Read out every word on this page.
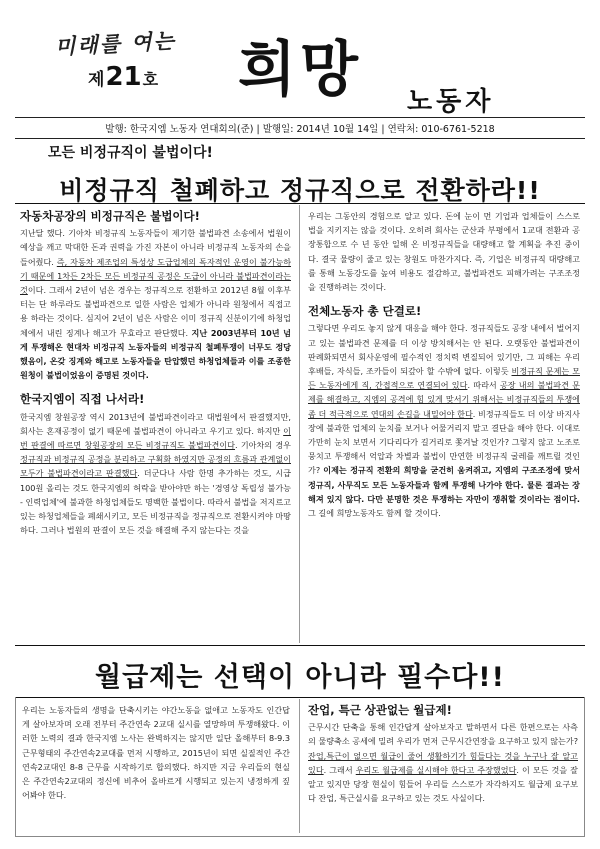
미래를 여는
제 21 호 희망 노동자
발행: 한국지엠 노동자 연대회의(준) | 발행일: 2014년 10월 14일 | 연락처: 010-6761-5218
모든 비정규직이 불법이다!
비정규직 철폐하고 정규직으로 전환하라!!
자동차공장의 비정규직은 불법이다!

지난달 했다. 기아차 비정규직 노동자들이 제기한 불법파견 소송에서 법원이 예상을 깨고 막대한 돈과 권력을 가진 자본이 아니라 비정규직 노동자의 손을 들어줬다. 즉, 자동차 제조업의 특성상 도급업체의 독자적인 운영이 불가능하기 때문에 1차든 2차든 모든 비정규직 공정은 도급이 아니라 불법파견이라는 것이다. 그래서 2년이 넘은 경우는 정규직으로 전환하고 2012년 8월 이후부터는 단 하루라도 불법파견으로 일한 사람은 업체가 아니라 원청에서 직접고용 하라는 것이다. 심지어 2년이 넘은 사람은 이미 정규직 신분이기에 하청업체에서 내린 징계나 해고가 무효라고 판단했다. 지난 2003년부터 10년 넘게 투쟁해온 현대차 비정규직 노동자들의 비정규직 철폐투쟁이 너무도 정당했음이, 온갖 징계와 해고로 노동자들을 탄압했던 하청업체들과 이를 조종한 원청이 불법이었음이 증명된 것이다.

한국지엠이 직접 나서라!

한국지엠 창원공장 역시 2013년에 불법파견이라고 대법원에서 판결했지만, 회사는 혼재공정이 없기 때문에 불법파견이 아니라고 우기고 있다. 하지만 이번 판결에 따르면 창원공장의 모든 비정규직도 불법파견이다. 기아차의 경우 정규직과 비정규직 공정을 분리하고 구획화 하였지만 공정의 흐름과 관계없이 모두가 불법파견이라고 판결했다. 더군다나 사람 한명 추가하는 것도, 시급 100원 올리는 것도 한국지엠의 허락을 받아야만 하는 '경영상 독립성 불가능 - 인력업체'에 불과한 하청업체들도 명백한 불법이다. 따라서 불법을 저지르고 있는 하청업체들을 폐쇄시키고, 모든 비정규직을 정규직으로 전환시켜야 마땅하다. 그러나 법원의 판결이 모든 것을 해결해 주지 않는다는 것을

우리는 그동안의 경험으로 알고 있다. 돈에 눈이 먼 기업과 업체들이 스스로 법을 지키지는 않을 것이다. 오히려 회사는 군산과 부평에서 1교대 전환과 공장통합으로 수 년 동안 일해 온 비정규직들을 대량해고 할 계획을 추진 중이다. 결국 물량이 줄고 있는 창원도 마찬가지다. 즉, 기업은 비정규직 대량해고를 통해 노동강도를 높여 비용도 절감하고, 불법파견도 피해가려는 구조조정을 진행하려는 것이다.

전체노동자 총 단결로!

그렇다면 우리도 놓지 않게 대응을 해야 한다. 정규직들도 공장 내에서 벌어지고 있는 불법파견 문제를 더 이상 방치해서는 안 된다. 오랫동안 불법파견이 판례화되면서 회사운영에 필수적인 정치력 변질되어 있기만, 그 피해는 우리 후배들, 자식들, 조카들이 되갚아 할 수밖에 없다. 이렇듯 비정규직 문제는 모든 노동자에게 직, 간접적으로 연결되어 있다. 따라서 공장 내의 불법파견 문제를 해결하고, 지엠의 공격에 힘 있게 맞서기 위해서는 비정규직들의 투쟁에 좀 더 적극적으로 연대의 손길을 내밀어야 한다. 비정규직들도 더 이상 바지사장에 불과한 업체의 눈치를 보거나 어물거리지 말고 결단을 해야 한다. 이대로 가만히 눈치 보면서 기다리다가 길거리로 쫓겨날 것인가? 그렇지 않고 노조로 뭉치고 투쟁해서 억압과 차별과 불법이 만연한 비정규직 굴레를 깨트릴 것인가? 이제는 정규직 전환의 희망을 굳건히 움켜쥐고, 지엠의 구조조정에 맞서 정규직, 사무직도 모든 노동자들과 함께 투쟁해 나가야 한다. 물론 결과는 장해져 있지 않다. 다만 분명한 것은 투쟁하는 자만이 쟁취할 것이라는 점이다. 그 길에 희망노동자도 함께 할 것이다.

월급제는 선택이 아니라 필수다!!

우리는 노동자들의 생명을 단축시키는 야간노동을 없애고 노동자도 인간답게 살아보자며 오래 전부터 주간연속 2교대 실시를 열망하며 투쟁해왔다. 이러한 노력의 결과 한국지엠 노사는 완벽하지는 않지만 일단 올해부터 8-9.3 근무형태의 주간연속2교대를 먼저 시행하고, 2015년이 되면 실질적인 주간연속2교대인 8-8 근무를 시작하기로 합의했다. 하지만 지금 우리들의 현실은 주간연속2교대의 정신에 비추어 올바르게 시행되고 있는지 냉정하게 짚어봐야 한다.

잔업, 특근 상관없는 월급제!

근무시간 단축을 통해 인간답게 살아보자고 말하면서 다른 한편으로는 사측의 물량축소 공세에 밀려 우리가 먼저 근무시간연장을 요구하고 있지 않는가? 잔업,특근이 없으면 월급이 줄어 생활하기가 힘들다는 것을 누구나 잘 알고 있다. 그래서 우리도 월급제를 실시해야 한다고 주장했었다. 이 모든 것을 잘 알고 있지만 당장 현실이 힘들어 우리들 스스로가 자각하지도 월급제 요구보다 잔업, 특근실시를 요구하고 있는 것도 사실이다.
